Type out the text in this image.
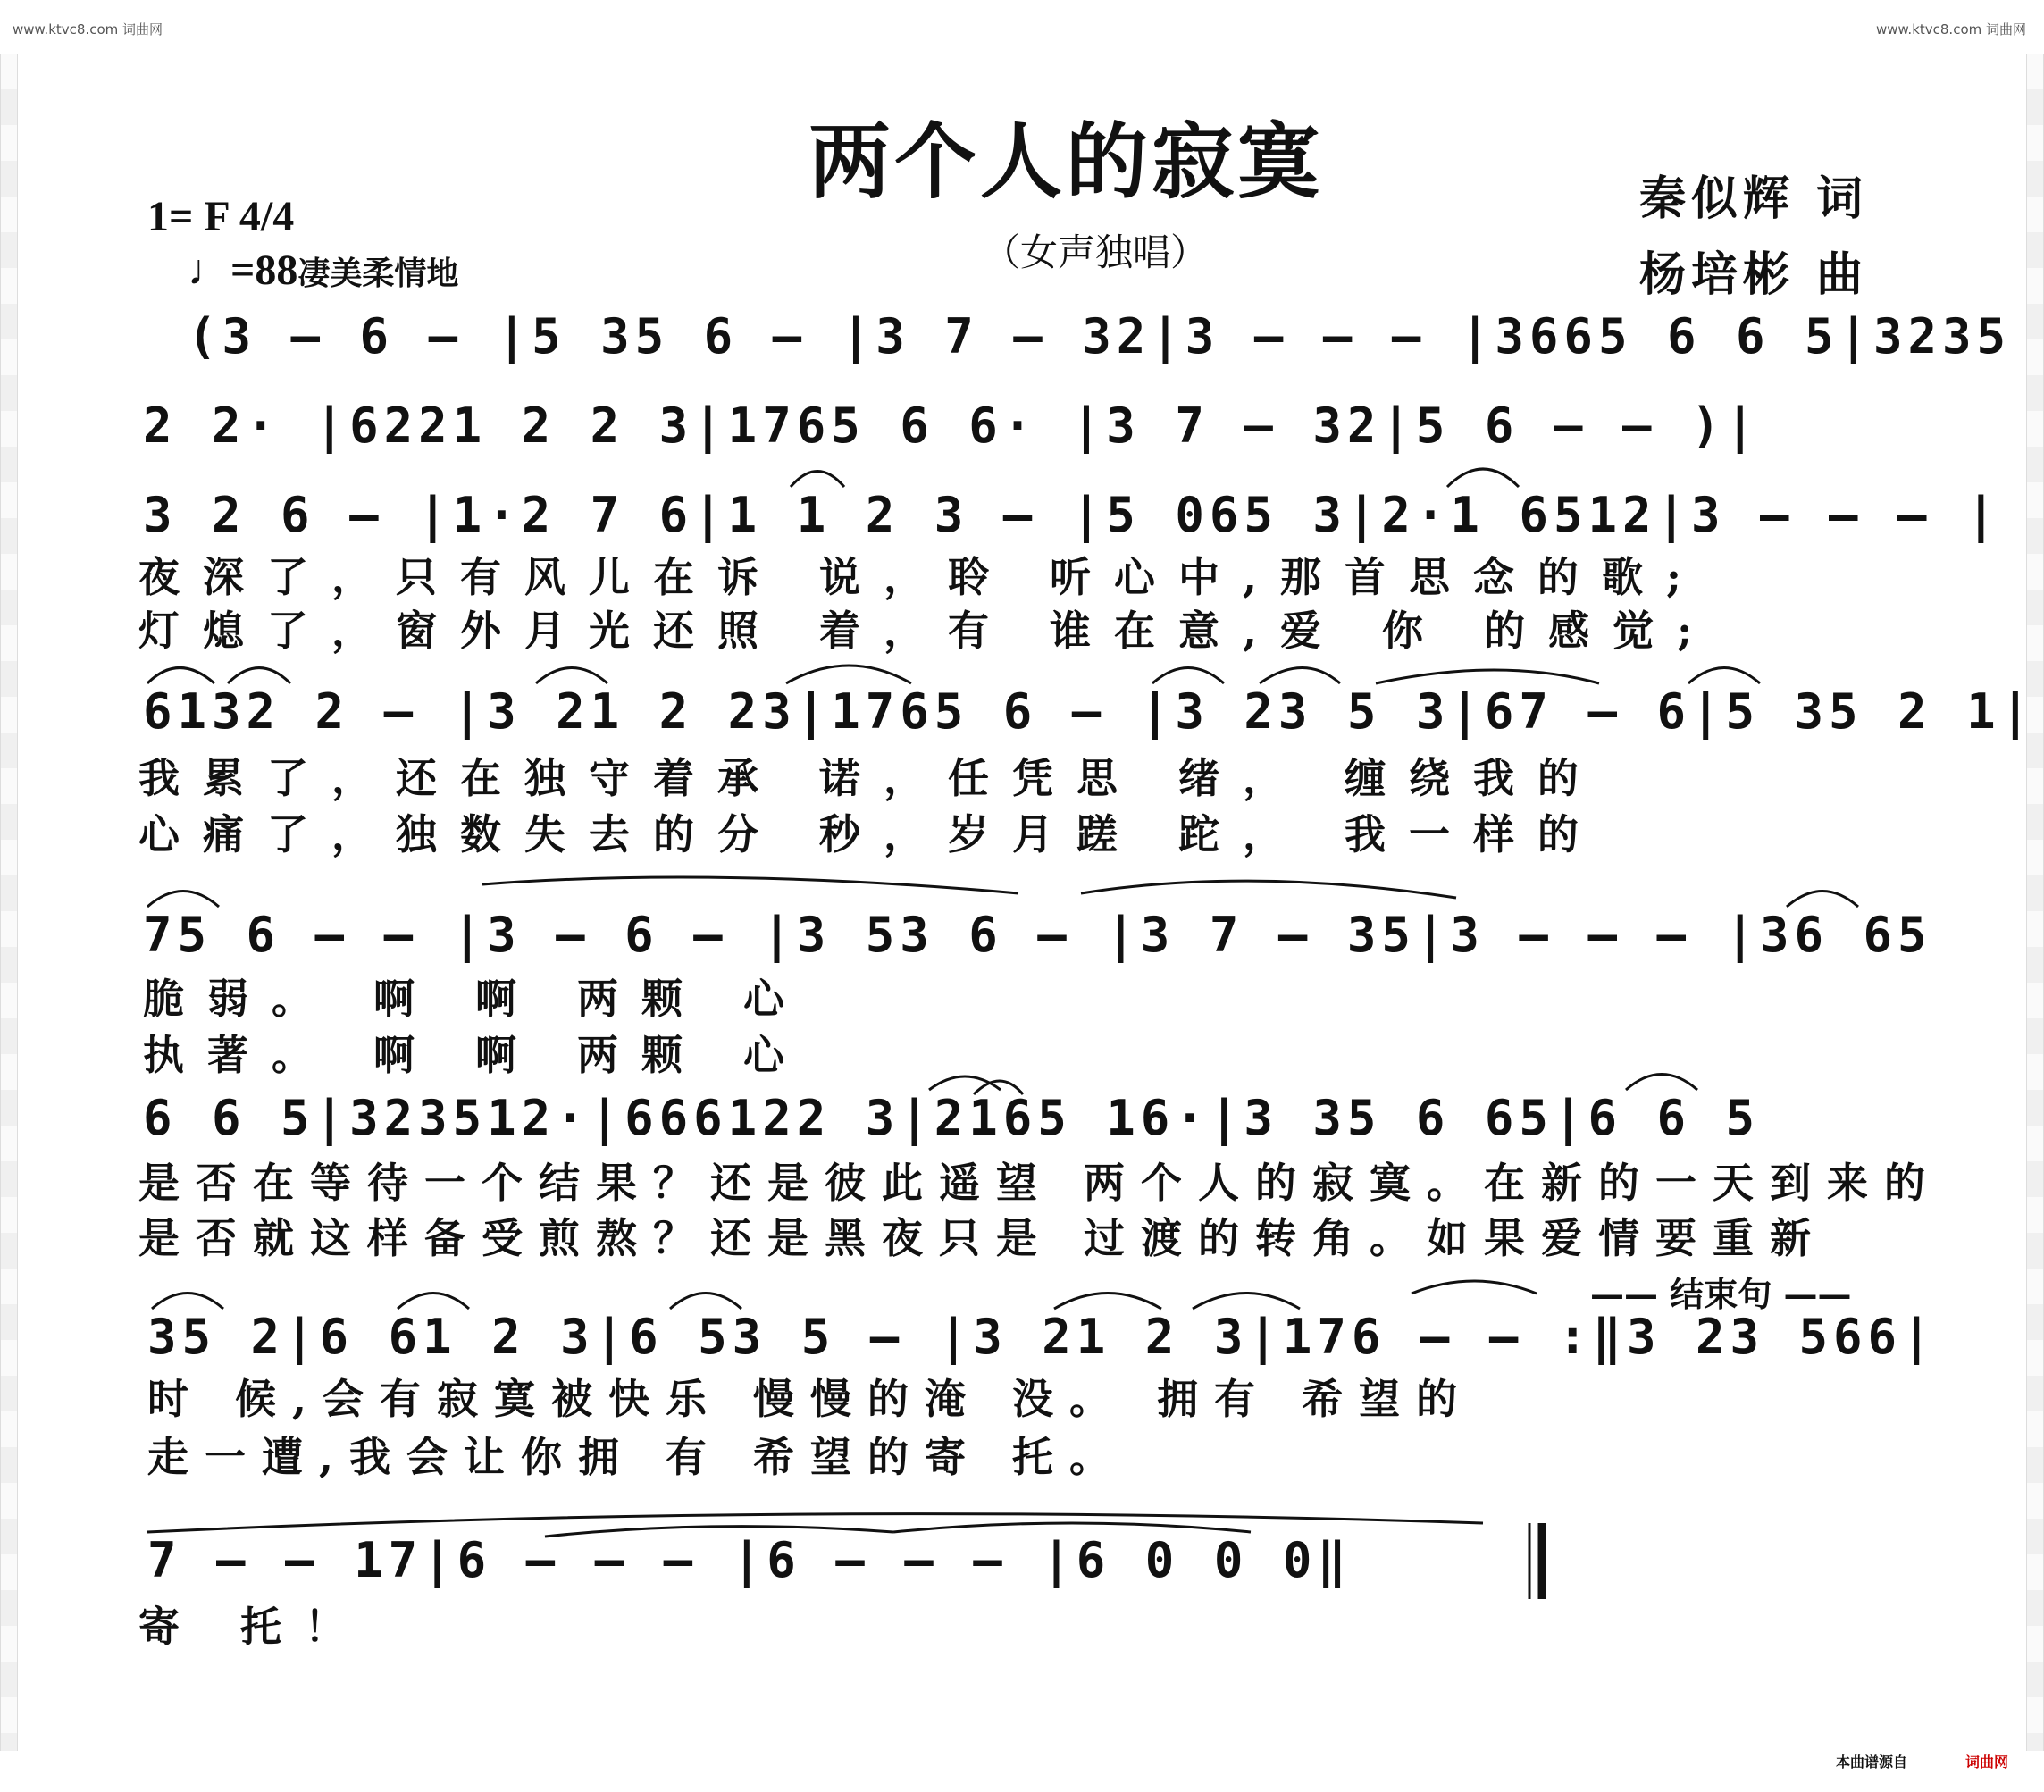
www.ktvc8.com 词曲网	www.ktvc8.com 词曲网
两个人的寂寞
（女声独唱）
秦似辉 词
杨培彬 曲
1= F 4/4
♩=88凄美柔情地
(3 — 6 — |5 35 6 — |3 7 — 32|3 — — — |3665 6 6 5|3235
2 2· |6221 2 2 3|1765 6 6· |3 7 — 32|5 6 — — )|
3 2 6 — |1·2 7 6|1 1 2 3 — |5 065 3|2·1 6512|3 — — — |
夜深了，只有风儿在诉 说，聆 听心中,那首思念的歌;
灯熄了，窗外月光还照 着，有 谁在意,爱 你 的感觉;
6132 2 — |3 21 2 23|1765 6 — |3 23 5 3|67 — 6|5 35 2 1|
我累了，还在独守着承 诺，任凭思 绪， 缠绕我的
心痛了，独数失去的分 秒，岁月蹉 跎， 我一样的
75 6 — — |3 — 6 — |3 53 6 — |3 7 — 35|3 — — — |36 65
脆弱。 啊 啊 两颗 心
执著。 啊 啊 两颗 心
6 6 5|323512·|666122 3|2165 16·|3 35 6 65|6 6 5
是否在等待一个结果？还是彼此遥望 两个人的寂寞。在新的一天到来的
是否就这样备受煎熬？还是黑夜只是 过渡的转角。如果爱情要重新
—— 结束句 ——
35 2|6 61 2 3|6 53 5 — |3 21 2 3|176 — — :‖3 23 566|
时 候,会有寂寞被快乐 慢慢的淹 没。 拥有 希望的
走一遭,我会让你拥 有 希望的寄 托。
7 — — 17|6 — — — |6 — — — |6 0 0 0‖
寄 托！
本曲谱源自	词曲网
